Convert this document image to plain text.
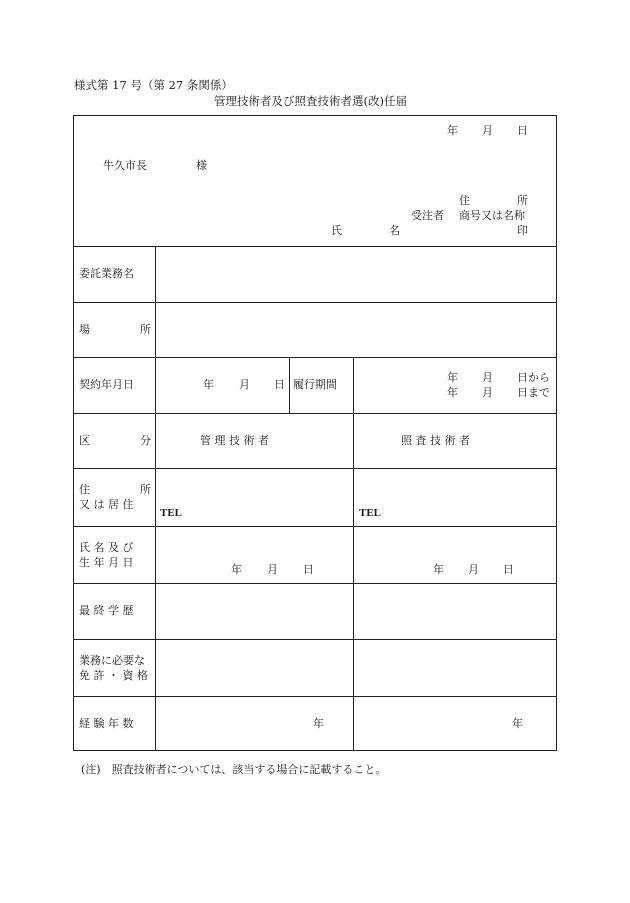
様式第 17 号（第 27 条関係）
管理技術者及び照査技術者選(改)任届
年 月 日
牛久市長	様
住	所
受注者 商号又は名称
氏	名	印
委託業務名
場	所
契約年月日	年 月 日 履行期間
年 月 日から
年 月 日まで
区	分	管 理 技 術 者	照 査 技 術 者
住	所
又 は 居 住
TEL	TEL
氏 名 及 び
生 年 月 日
年 月 日	年 月 日
最 終 学 歴
業務に必要な
免 許 ・ 資 格
経 験 年 数	年	年
(注)　照査技術者については、該当する場合に記載すること。
